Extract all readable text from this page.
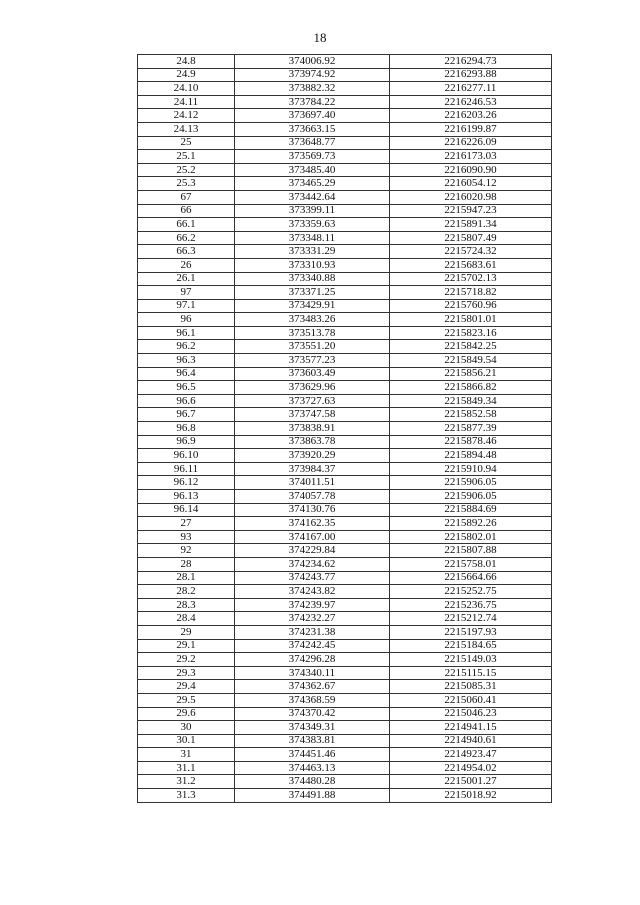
18
24.8	374006.92	2216294.73
24.9	373974.92	2216293.88
24.10	373882.32	2216277.11
24.11	373784.22	2216246.53
24.12	373697.40	2216203.26
24.13	373663.15	2216199.87
25	373648.77	2216226.09
25.1	373569.73	2216173.03
25.2	373485.40	2216090.90
25.3	373465.29	2216054.12
67	373442.64	2216020.98
66	373399.11	2215947.23
66.1	373359.63	2215891.34
66.2	373348.11	2215807.49
66.3	373331.29	2215724.32
26	373310.93	2215683.61
26.1	373340.88	2215702.13
97	373371.25	2215718.82
97.1	373429.91	2215760.96
96	373483.26	2215801.01
96.1	373513.78	2215823.16
96.2	373551.20	2215842.25
96.3	373577.23	2215849.54
96.4	373603.49	2215856.21
96.5	373629.96	2215866.82
96.6	373727.63	2215849.34
96.7	373747.58	2215852.58
96.8	373838.91	2215877.39
96.9	373863.78	2215878.46
96.10	373920.29	2215894.48
96.11	373984.37	2215910.94
96.12	374011.51	2215906.05
96.13	374057.78	2215906.05
96.14	374130.76	2215884.69
27	374162.35	2215892.26
93	374167.00	2215802.01
92	374229.84	2215807.88
28	374234.62	2215758.01
28.1	374243.77	2215664.66
28.2	374243.82	2215252.75
28.3	374239.97	2215236.75
28.4	374232.27	2215212.74
29	374231.38	2215197.93
29.1	374242.45	2215184.65
29.2	374296.28	2215149.03
29.3	374340.11	2215115.15
29.4	374362.67	2215085.31
29.5	374368.59	2215060.41
29.6	374370.42	2215046.23
30	374349.31	2214941.15
30.1	374383.81	2214940.61
31	374451.46	2214923.47
31.1	374463.13	2214954.02
31.2	374480.28	2215001.27
31.3	374491.88	2215018.92
